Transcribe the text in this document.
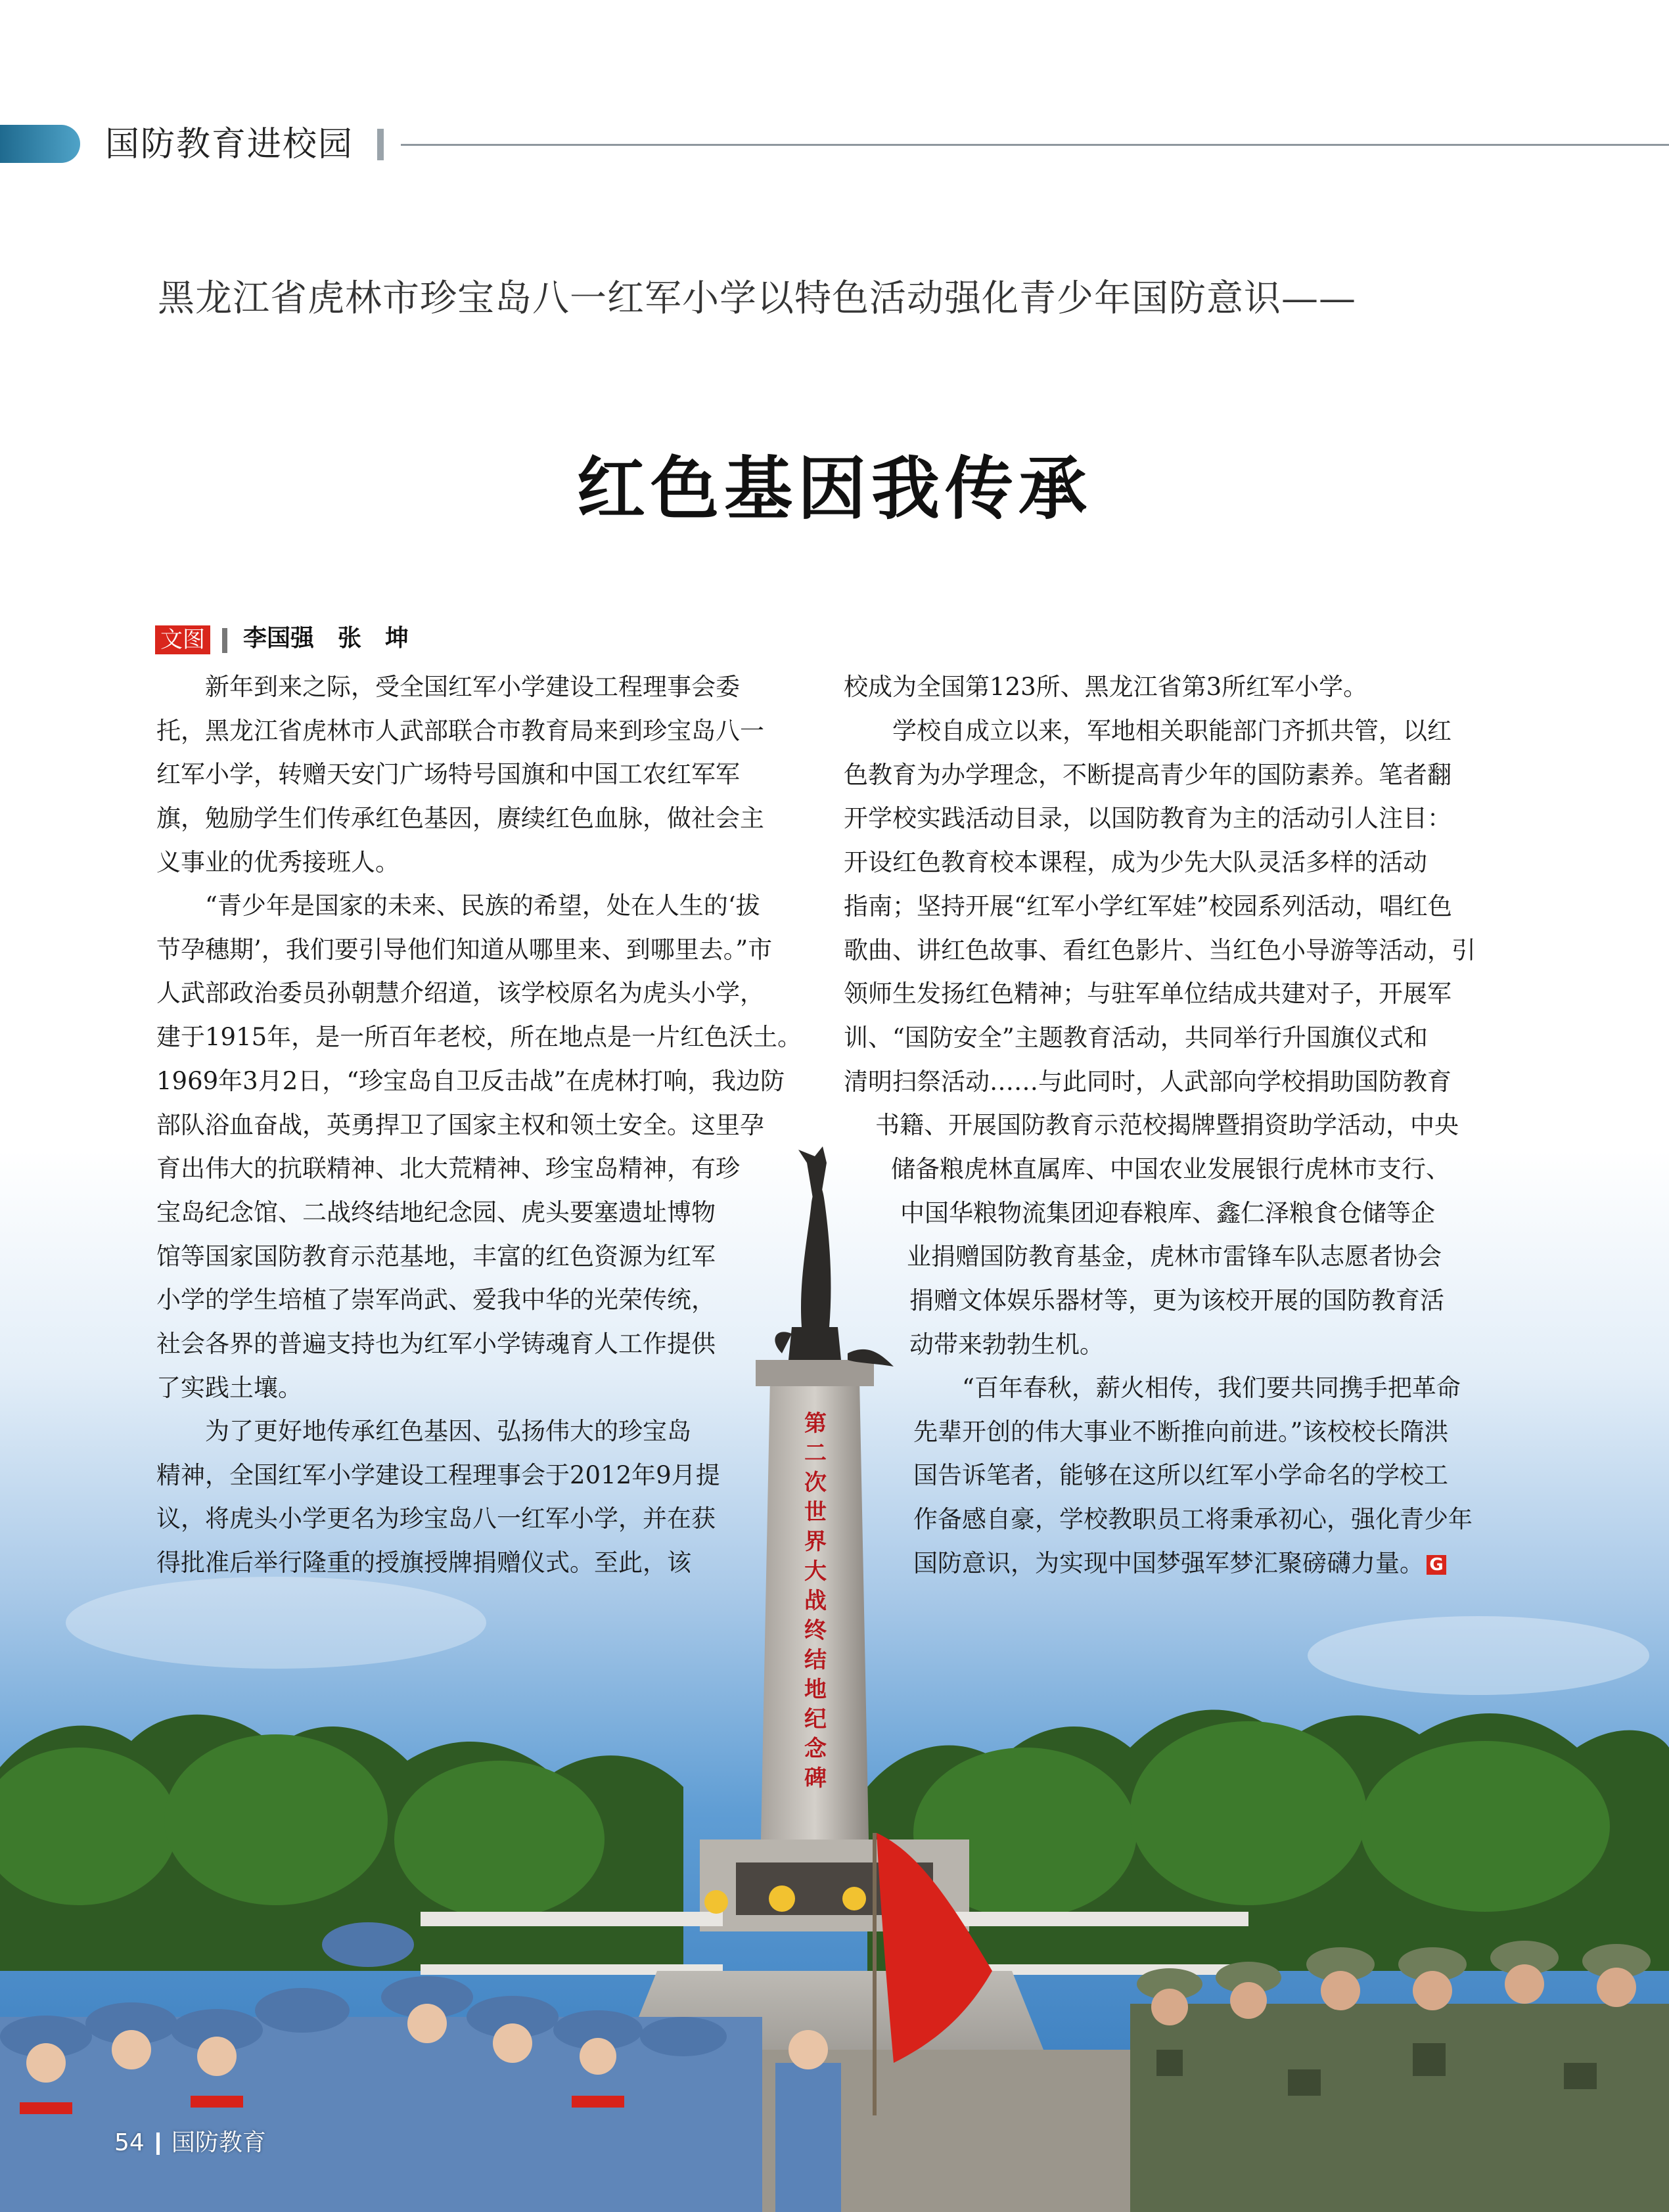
第二次世界大战终结地纪念碑
国防教育进校园
黑龙江省虎林市珍宝岛八一红军小学以特色活动强化青少年国防意识——
红色基因我传承
文图 李国强　张　坤
　　新年到来之际，受全国红军小学建设工程理事会委
托，黑龙江省虎林市人武部联合市教育局来到珍宝岛八一
红军小学，转赠天安门广场特号国旗和中国工农红军军
旗，勉励学生们传承红色基因，赓续红色血脉，做社会主
义事业的优秀接班人。
　　“青少年是国家的未来、民族的希望，处在人生的‘拔
节孕穗期’，我们要引导他们知道从哪里来、到哪里去。”市
人武部政治委员孙朝慧介绍道，该学校原名为虎头小学，
建于1915年，是一所百年老校，所在地点是一片红色沃土。
1969年3月2日，“珍宝岛自卫反击战”在虎林打响，我边防
部队浴血奋战，英勇捍卫了国家主权和领土安全。这里孕
育出伟大的抗联精神、北大荒精神、珍宝岛精神，有珍
宝岛纪念馆、二战终结地纪念园、虎头要塞遗址博物
馆等国家国防教育示范基地，丰富的红色资源为红军
小学的学生培植了崇军尚武、爱我中华的光荣传统，
社会各界的普遍支持也为红军小学铸魂育人工作提供
了实践土壤。
　　为了更好地传承红色基因、弘扬伟大的珍宝岛
精神，全国红军小学建设工程理事会于2012年9月提
议，将虎头小学更名为珍宝岛八一红军小学，并在获
得批准后举行隆重的授旗授牌捐赠仪式。至此，该
校成为全国第123所、黑龙江省第3所红军小学。
　　学校自成立以来，军地相关职能部门齐抓共管，以红
色教育为办学理念，不断提高青少年的国防素养。笔者翻
开学校实践活动目录，以国防教育为主的活动引人注目：
开设红色教育校本课程，成为少先大队灵活多样的活动
指南；坚持开展“红军小学红军娃”校园系列活动，唱红色
歌曲、讲红色故事、看红色影片、当红色小导游等活动，引
领师生发扬红色精神；与驻军单位结成共建对子，开展军
训、“国防安全”主题教育活动，共同举行升国旗仪式和
清明扫祭活动……与此同时，人武部向学校捐助国防教育
书籍、开展国防教育示范校揭牌暨捐资助学活动，中央
储备粮虎林直属库、中国农业发展银行虎林市支行、
中国华粮物流集团迎春粮库、鑫仁泽粮食仓储等企
业捐赠国防教育基金，虎林市雷锋车队志愿者协会
捐赠文体娱乐器材等，更为该校开展的国防教育活
动带来勃勃生机。
　　“百年春秋，薪火相传，我们要共同携手把革命
先辈开创的伟大事业不断推向前进。”该校校长隋洪
国告诉笔者，能够在这所以红军小学命名的学校工
作备感自豪，学校教职员工将秉承初心，强化青少年
国防意识，为实现中国梦强军梦汇聚磅礴力量。 G
54 国防教育
